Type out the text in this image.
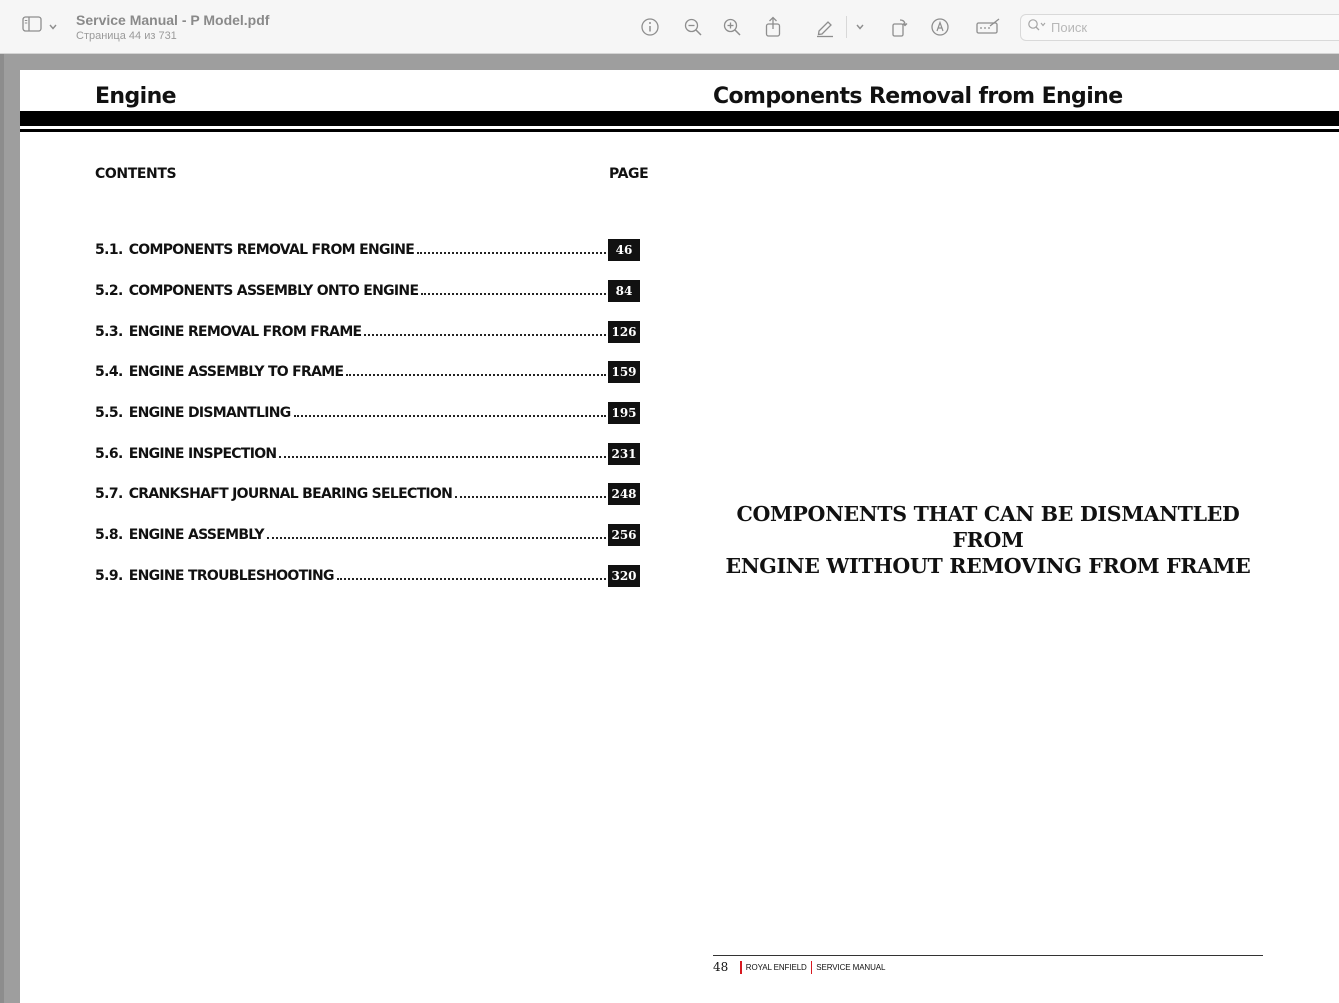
Service Manual - P Model.pdf
Страница 44 из 731
Поиск
Engine	Components Removal from Engine
CONTENTS	PAGE
5.1. COMPONENTS REMOVAL FROM ENGINE	46
5.2. COMPONENTS ASSEMBLY ONTO ENGINE	84
5.3. ENGINE REMOVAL FROM FRAME	126
5.4. ENGINE ASSEMBLY TO FRAME	159
5.5. ENGINE DISMANTLING	195
5.6. ENGINE INSPECTION	231
5.7. CRANKSHAFT JOURNAL BEARING SELECTION	248
5.8. ENGINE ASSEMBLY	256
5.9. ENGINE TROUBLESHOOTING	320
COMPONENTS THAT CAN BE DISMANTLED FROM
ENGINE WITHOUT REMOVING FROM FRAME
48 ROYAL ENFIELD SERVICE MANUAL
